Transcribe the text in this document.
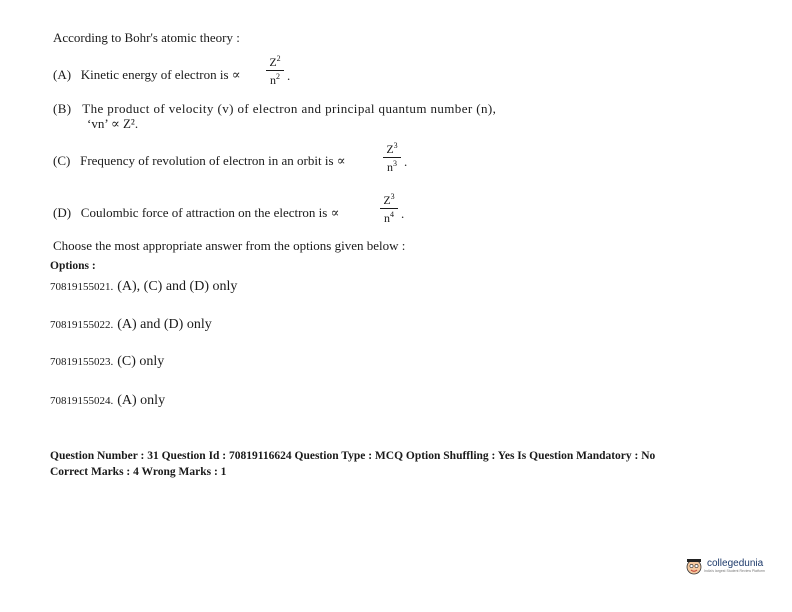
According to Bohr's atomic theory :
(A) Kinetic energy of electron is ∝
$Z^2$
$n^2$ .
(B) The product of velocity (v) of electron and principal quantum number (n),
‘vn’ ∝ Z².
(C) Frequency of revolution of electron in an orbit is ∝
$Z^3$
$n^3$ .
(D) Coulombic force of attraction on the electron is ∝
$Z^3$
$n^4$ .
Choose the most appropriate answer from the options given below :
Options :
70819155021. (A), (C) and (D) only
70819155022. (A) and (D) only
70819155023. (C) only
70819155024. (A) only
Question Number : 31 Question Id : 70819116624 Question Type : MCQ Option Shuffling : Yes Is Question Mandatory : No
Correct Marks : 4 Wrong Marks : 1
collegedunia
India's largest Student Review Platform
